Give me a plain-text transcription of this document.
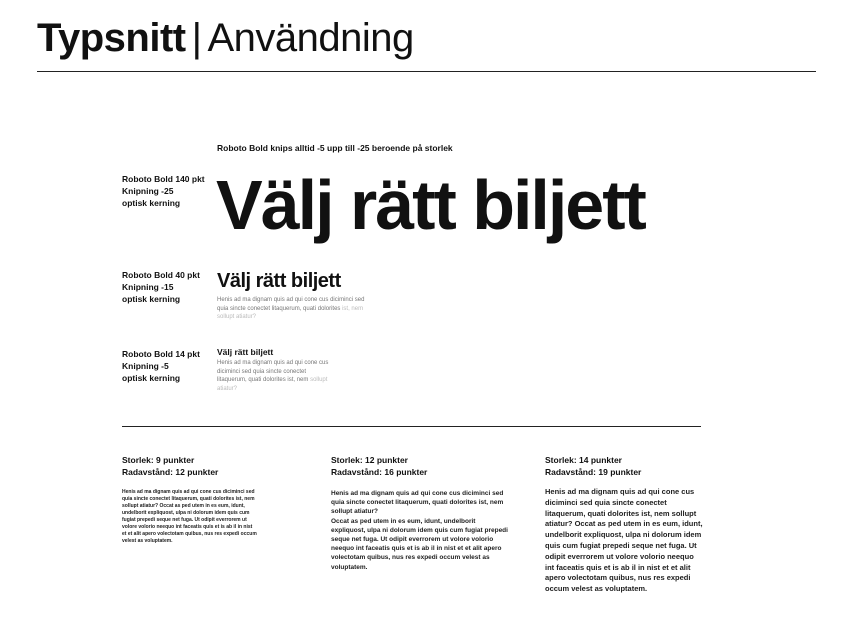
Typsnitt | Användning
Roboto Bold knips alltid -5 upp till -25 beroende på storlek
Roboto Bold 140 pkt
Knipning -25
optisk kerning Välj rätt biljett
Roboto Bold 40 pkt
Knipning -15
optisk kerning
Välj rätt biljett
Henis ad ma dignam quis ad qui cone cus diciminci sed quia sincte conectet litaquerum, quati dolorites ist, nem sollupt atiatur?
Roboto Bold 14 pkt
Knipning -5
optisk kerning
Välj rätt biljett
Henis ad ma dignam quis ad qui cone cus diciminci sed quia sincte conectet litaquerum, quati dolorites ist, nem sollupt atiatur?
Storlek: 9 punkter
Radavstånd: 12 punkter

Henis ad ma dignam quis ad qui cone cus diciminci sed quia sincte conectet litaquerum, quati dolorites ist, nem sollupt atiatur? Occat as ped utem in es eum, idunt, undelborit expliquost, ulpa ni dolorum idem quis cum fugiat prepedi seque net fuga. Ut odipit everrorem ut volore volorio neequo int faceatis quis et is ab il in nist et et alit apero volectotam quibus, nus res expedi occum velest as voluptatem.

Storlek: 12 punkter
Radavstånd: 16 punkter

Henis ad ma dignam quis ad qui cone cus diciminci sed quia sincte conectet litaquerum, quati dolorites ist, nem sollupt atiatur?

Occat as ped utem in es eum, idunt, undelborit expliquost, ulpa ni dolorum idem quis cum fugiat prepedi seque net fuga. Ut odipit everrorem ut volore volorio neequo int faceatis quis et is ab il in nist et et alit apero volectotam quibus, nus res expedi occum velest as voluptatem.

Storlek: 14 punkter
Radavstånd: 19 punkter

Henis ad ma dignam quis ad qui cone cus diciminci sed quia sincte conectet litaquerum, quati dolorites ist, nem sollupt atiatur? Occat as ped utem in es eum, idunt, undelborit expliquost, ulpa ni dolorum idem quis cum fugiat prepedi seque net fuga. Ut odipit everrorem ut volore volorio neequo int faceatis quis et is ab il in nist et et alit apero volectotam quibus, nus res expedi occum velest as voluptatem.
